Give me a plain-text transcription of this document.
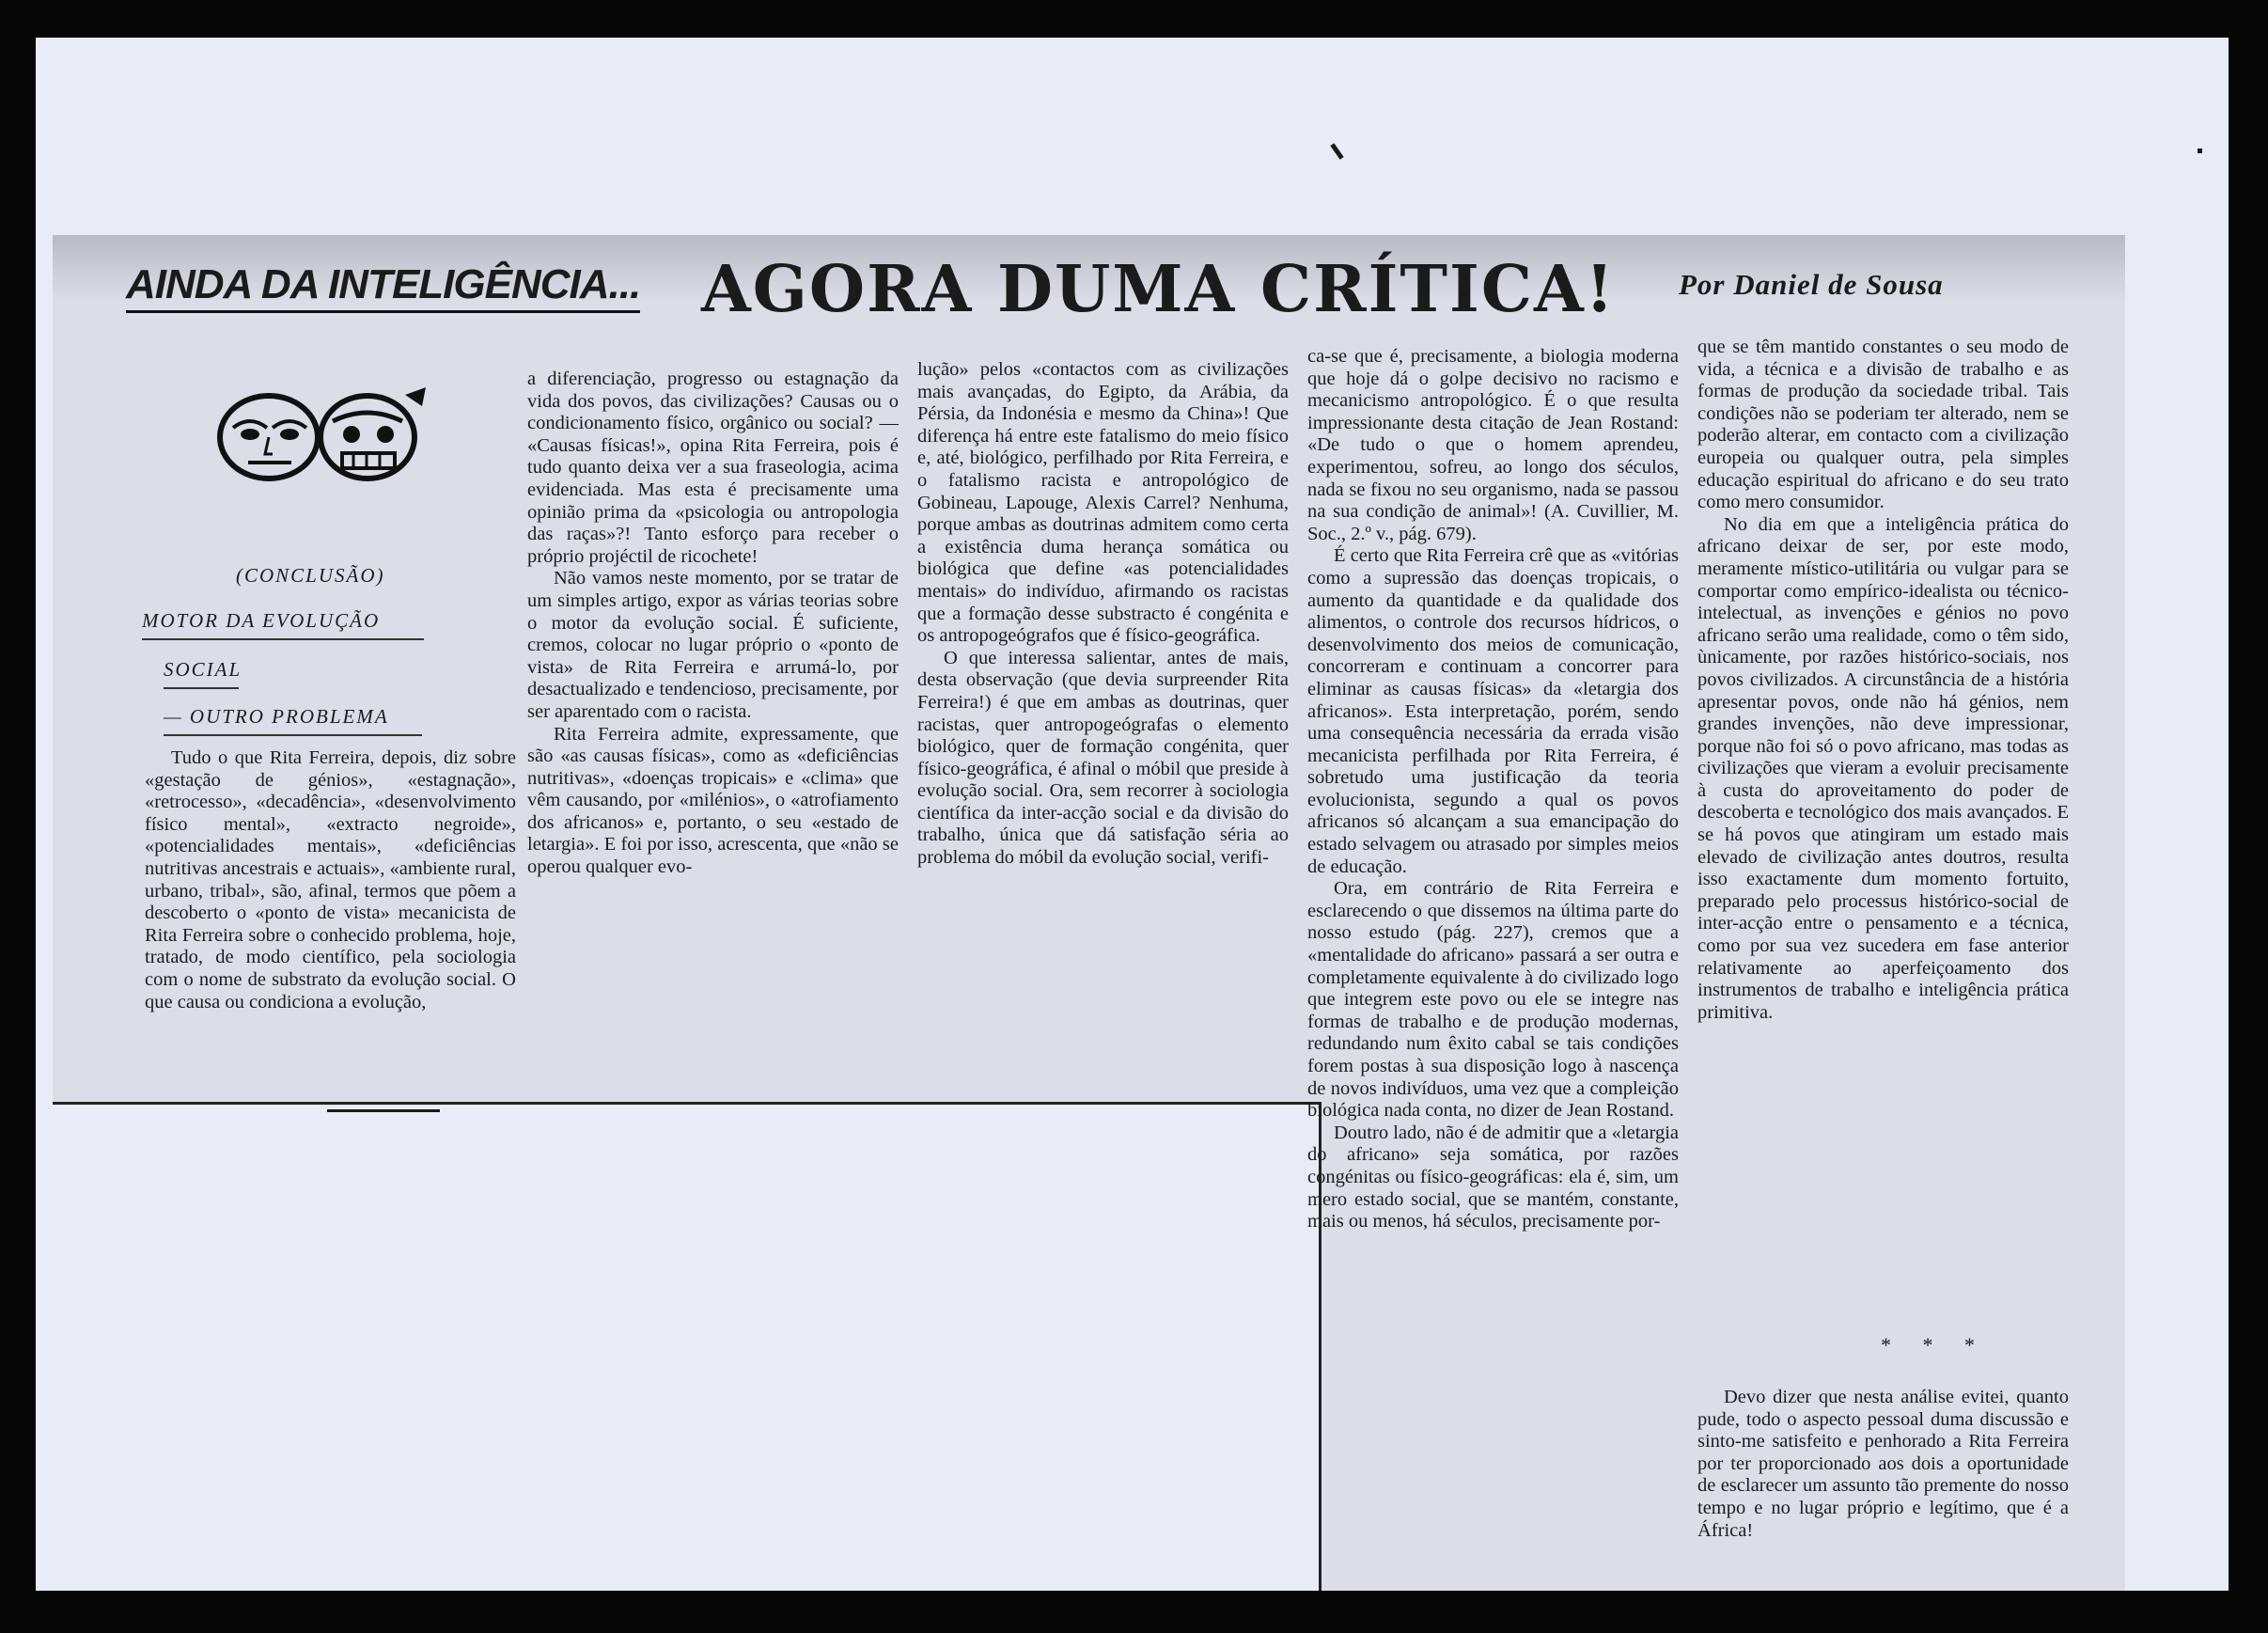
AINDA DA INTELIGÊNCIA... AGORA DUMA CRÍTICA! Por Daniel de Sousa

(CONCLUSÃO)

MOTOR DA EVOLUÇÃO

SOCIAL

— OUTRO PROBLEMA

Tudo o que Rita Ferreira, depois, diz sobre «gestação de génios», «estagnação», «retrocesso», «decadência», «desenvolvimento físico mental», «extracto negroide», «potencialidades mentais», «deficiências nutritivas ancestrais e actuais», «ambiente rural, urbano, tribal», são, afinal, termos que põem a descoberto o «ponto de vista» mecanicista de Rita Ferreira sobre o conhecido problema, hoje, tratado, de modo científico, pela sociologia com o nome de substrato da evolução social. O que causa ou condiciona a evolução,

a diferenciação, progresso ou estagnação da vida dos povos, das civilizações? Causas ou o condicionamento físico, orgânico ou social? — «Causas físicas!», opina Rita Ferreira, pois é tudo quanto deixa ver a sua fraseologia, acima evidenciada. Mas esta é precisamente uma opinião prima da «psicologia ou antropologia das raças»?! Tanto esforço para receber o próprio projéctil de ricochete!

Não vamos neste momento, por se tratar de um simples artigo, expor as várias teorias sobre o motor da evolução social. É suficiente, cremos, colocar no lugar próprio o «ponto de vista» de Rita Ferreira e arrumá-lo, por desactualizado e tendencioso, precisamente, por ser aparentado com o racista.

Rita Ferreira admite, expressamente, que são «as causas físicas», como as «deficiências nutritivas», «doenças tropicais» e «clima» que vêm causando, por «milénios», o «atrofiamento dos africanos» e, portanto, o seu «estado de letargia». E foi por isso, acrescenta, que «não se operou qualquer evo-

lução» pelos «contactos com as civilizações mais avançadas, do Egipto, da Arábia, da Pérsia, da Indonésia e mesmo da China»! Que diferença há entre este fatalismo do meio físico e, até, biológico, perfilhado por Rita Ferreira, e o fatalismo racista e antropológico de Gobineau, Lapouge, Alexis Carrel? Nenhuma, porque ambas as doutrinas admitem como certa a existência duma herança somática ou biológica que define «as potencialidades mentais» do indivíduo, afirmando os racistas que a formação desse substracto é congénita e os antropogeógrafos que é físico-geográfica.

O que interessa salientar, antes de mais, desta observação (que devia surpreender Rita Ferreira!) é que em ambas as doutrinas, quer racistas, quer antropogeógrafas o elemento biológico, quer de formação congénita, quer físico-geográfica, é afinal o móbil que preside à evolução social. Ora, sem recorrer à sociologia científica da inter-acção social e da divisão do trabalho, única que dá satisfação séria ao problema do móbil da evolução social, verifi-

ca-se que é, precisamente, a biologia moderna que hoje dá o golpe decisivo no racismo e mecanicismo antropológico. É o que resulta impressionante desta citação de Jean Rostand: «De tudo o que o homem aprendeu, experimentou, sofreu, ao longo dos séculos, nada se fixou no seu organismo, nada se passou na sua condição de animal»! (A. Cuvillier, M. Soc., 2.º v., pág. 679).

É certo que Rita Ferreira crê que as «vitórias como a supressão das doenças tropicais, o aumento da quantidade e da qualidade dos alimentos, o controle dos recursos hídricos, o desenvolvimento dos meios de comunicação, concorreram e continuam a concorrer para eliminar as causas físicas» da «letargia dos africanos». Esta interpretação, porém, sendo uma consequência necessária da errada visão mecanicista perfilhada por Rita Ferreira, é sobretudo uma justificação da teoria evolucionista, segundo a qual os povos africanos só alcançam a sua emancipação do estado selvagem ou atrasado por simples meios de educação.

Ora, em contrário de Rita Ferreira e esclarecendo o que dissemos na última parte do nosso estudo (pág. 227), cremos que a «mentalidade do africano» passará a ser outra e completamente equivalente à do civilizado logo que integrem este povo ou ele se integre nas formas de trabalho e de produção modernas, redundando num êxito cabal se tais condições forem postas à sua disposição logo à nascença de novos indivíduos, uma vez que a compleição biológica nada conta, no dizer de Jean Rostand.

Doutro lado, não é de admitir que a «letargia do africano» seja somática, por razões congénitas ou físico-geográficas: ela é, sim, um mero estado social, que se mantém, constante, mais ou menos, há séculos, precisamente por-

que se têm mantido constantes o seu modo de vida, a técnica e a divisão de trabalho e as formas de produção da sociedade tribal. Tais condições não se poderiam ter alterado, nem se poderão alterar, em contacto com a civilização europeia ou qualquer outra, pela simples educação espiritual do africano e do seu trato como mero consumidor.

No dia em que a inteligência prática do africano deixar de ser, por este modo, meramente místico-utilitária ou vulgar para se comportar como empírico-idealista ou técnico-intelectual, as invenções e génios no povo africano serão uma realidade, como o têm sido, ùnicamente, por razões histórico-sociais, nos povos civilizados. A circunstância de a história apresentar povos, onde não há génios, nem grandes invenções, não deve impressionar, porque não foi só o povo africano, mas todas as civilizações que vieram a evoluir precisamente à custa do aproveitamento do poder de descoberta e tecnológico dos mais avançados. E se há povos que atingiram um estado mais elevado de civilização antes doutros, resulta isso exactamente dum momento fortuito, preparado pelo processus histórico-social de inter-acção entre o pensamento e a técnica, como por sua vez sucedera em fase anterior relativamente ao aperfeiçoamento dos instrumentos de trabalho e inteligência prática primitiva.

* * *

Devo dizer que nesta análise evitei, quanto pude, todo o aspecto pessoal duma discussão e sinto-me satisfeito e penhorado a Rita Ferreira por ter proporcionado aos dois a oportunidade de esclarecer um assunto tão premente do nosso tempo e no lugar próprio e legítimo, que é a África!
